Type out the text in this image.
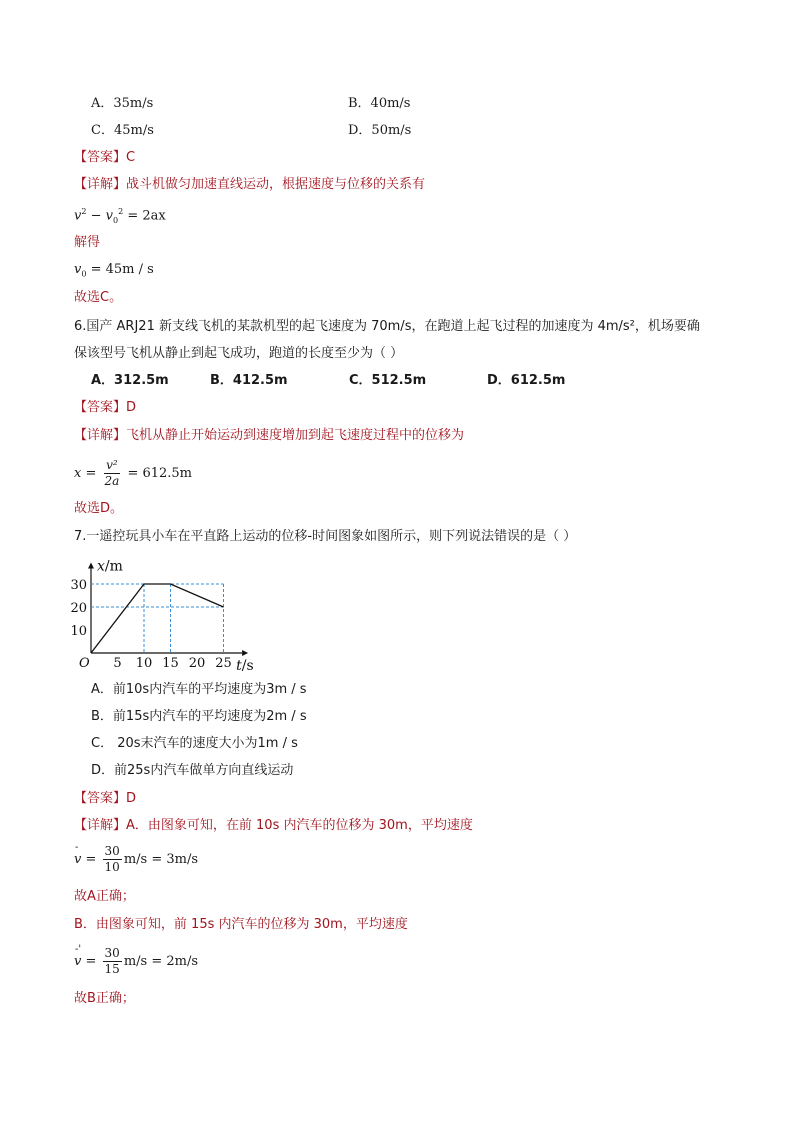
A．35m/s	B．40m/s
C．45m/s	D．50m/s
【答案】C
【详解】战斗机做匀加速直线运动，根据速度与位移的关系有
$v^2 - v_0^2 = 2ax$
解得
$v_0 = 45m / s$
故选C。
6.国产 ARJ21 新支线飞机的某款机型的起飞速度为 70m/s，在跑道上起飞过程的加速度为 4m/s²，机场要确
保该型号飞机从静止到起飞成功，跑道的长度至少为（ ）
A．312.5m	B．412.5m	C．512.5m	D．612.5m
【答案】D
【详解】飞机从静止开始运动到速度增加到起飞速度过程中的位移为
$x = \frac{\text{v²}}{2a} = 612.5m$
故选D。
7.一遥控玩具小车在平直路上运动的位移-时间图象如图所示，则下列说法错误的是（ ）
5 10 15 20 25
10
20
30
O	t/s
x/m
A．前10s内汽车的平均速度为3m / s
B．前15s内汽车的平均速度为2m / s
C． 20s末汽车的速度大小为1m / s
D．前25s内汽车做单方向直线运动
【答案】D
【详解】A．由图象可知，在前 10s 内汽车的位移为 30m，平均速度
v
-
= $\frac{30}{10} m/s = 3m/s$
故A正确；
B．由图象可知，前 15s 内汽车的位移为 30m，平均速度
v
-'
= $\frac{30}{15} m/s = 2m/s$
故B正确；
